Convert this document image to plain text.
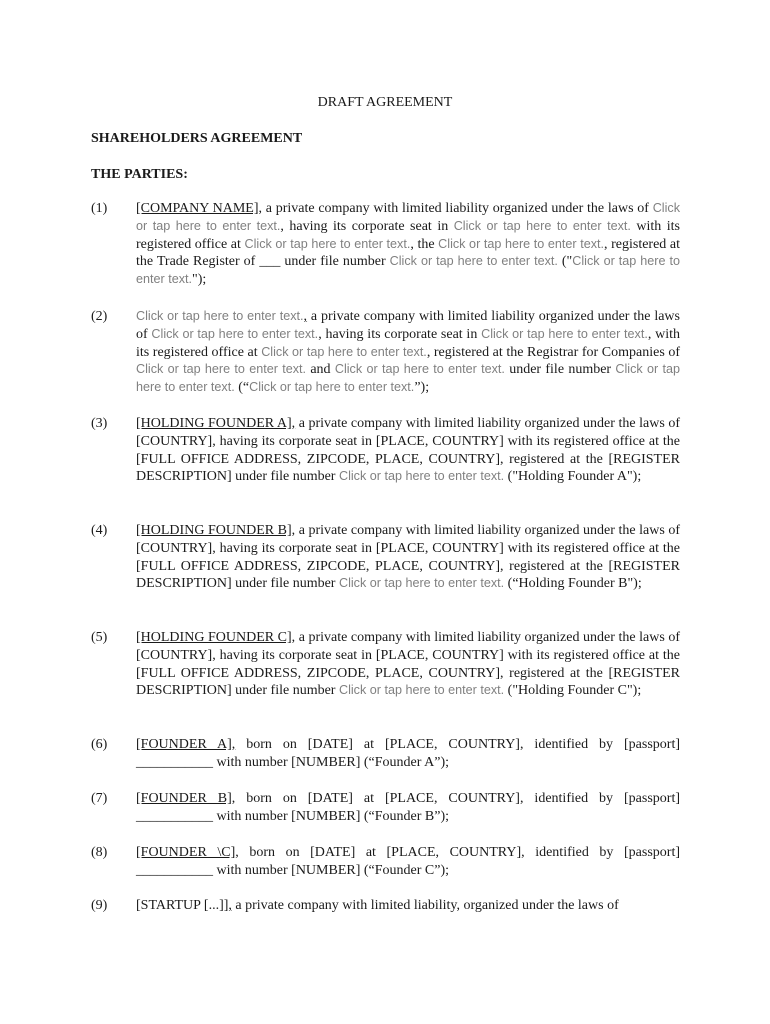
DRAFT AGREEMENT
SHAREHOLDERS AGREEMENT
THE PARTIES:
(1) [COMPANY NAME], a private company with limited liability organized under the laws of Click or tap here to enter text., having its corporate seat in Click or tap here to enter text. with its registered office at Click or tap here to enter text., the Click or tap here to enter text., registered at the Trade Register of ___ under file number Click or tap here to enter text. ("Click or tap here to enter text.");
(2) Click or tap here to enter text., a private company with limited liability organized under the laws of Click or tap here to enter text., having its corporate seat in Click or tap here to enter text., with its registered office at Click or tap here to enter text., registered at the Registrar for Companies of Click or tap here to enter text. and Click or tap here to enter text. under file number Click or tap here to enter text. (“Click or tap here to enter text.”);
(3) [HOLDING FOUNDER A], a private company with limited liability organized under the laws of [COUNTRY], having its corporate seat in [PLACE, COUNTRY] with its registered office at the [FULL OFFICE ADDRESS, ZIPCODE, PLACE, COUNTRY], registered at the [REGISTER DESCRIPTION] under file number Click or tap here to enter text. ("Holding Founder A");
(4) [HOLDING FOUNDER B], a private company with limited liability organized under the laws of [COUNTRY], having its corporate seat in [PLACE, COUNTRY] with its registered office at the [FULL OFFICE ADDRESS, ZIPCODE, PLACE, COUNTRY], registered at the [REGISTER DESCRIPTION] under file number Click or tap here to enter text. (“Holding Founder B");
(5) [HOLDING FOUNDER C], a private company with limited liability organized under the laws of [COUNTRY], having its corporate seat in [PLACE, COUNTRY] with its registered office at the [FULL OFFICE ADDRESS, ZIPCODE, PLACE, COUNTRY], registered at the [REGISTER DESCRIPTION] under file number Click or tap here to enter text. ("Holding Founder C");
(6) [FOUNDER A], born on [DATE] at [PLACE, COUNTRY], identified by [passport] ___________ with number [NUMBER] (“Founder A”);
(7) [FOUNDER B], born on [DATE] at [PLACE, COUNTRY], identified by [passport] ___________ with number [NUMBER] (“Founder B”);
(8) [FOUNDER \C], born on [DATE] at [PLACE, COUNTRY], identified by [passport] ___________ with number [NUMBER] (“Founder C”);
(9) [STARTUP [...]], a private company with limited liability, organized under the laws of
